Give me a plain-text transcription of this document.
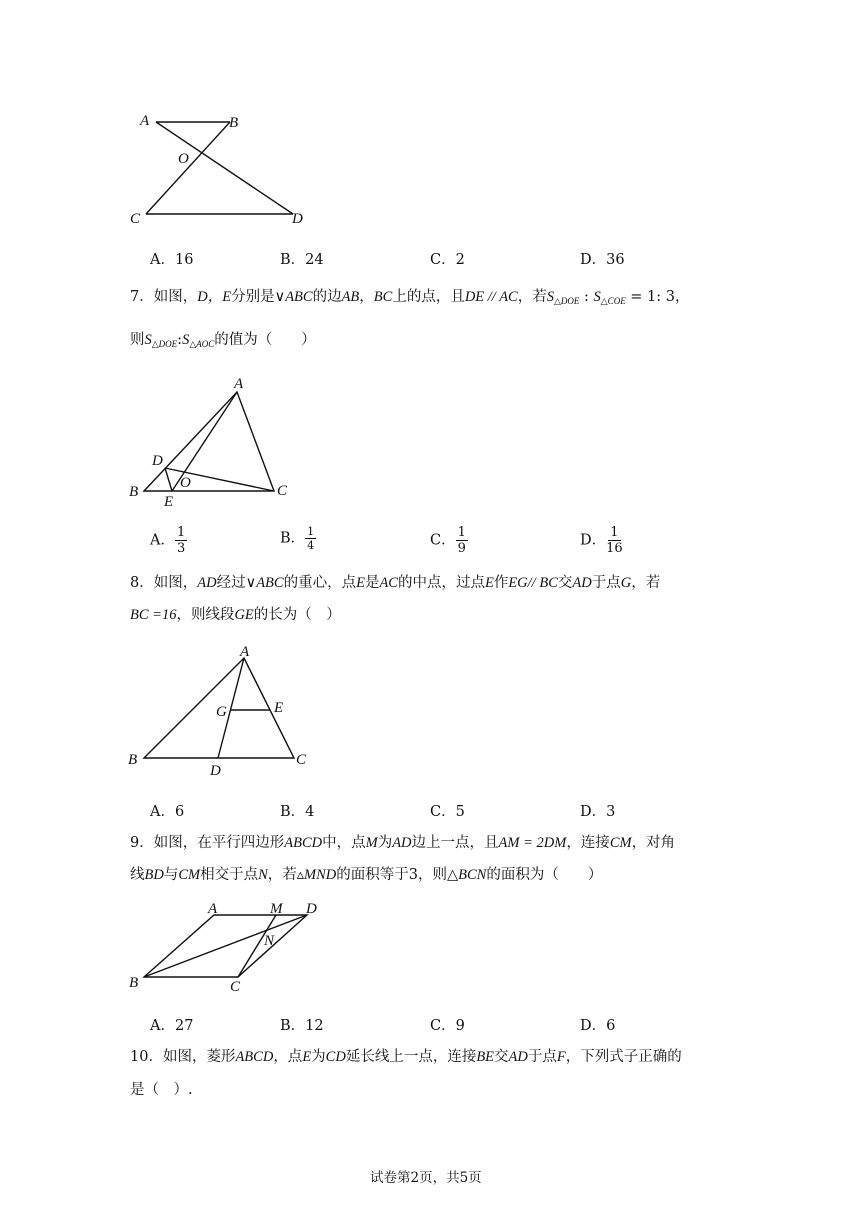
A	B
O
C	D
A．16	B．24	C．2	D．36
7．如图，D，E分别是∨ABC的边AB，BC上的点，且DE // AC，若$S_{\triangle DOE}$ : $S_{\triangle COE} = 1$: 3，
则$S_{\triangle DOE}:S_{\triangle AOC}$的值为（　　）
A
D
O
B
E
C
A． $\frac{1}{3}$	B． $\frac{1}{4}$	C． $\frac{1}{9}$	D． $\frac{1}{16}$
8．如图，AD经过∨ABC的重心，点E是AC的中点，过点E作EG// BC交AD于点G，若
BC =16，则线段GE的长为（　）
A
G	E
B
D
C
A．6	B．4	C．5	D．3
9．如图，在平行四边形ABCD中，点M为AD边上一点，且AM = 2DM，连接CM，对角
线BD与CM相交于点N，若▵MND的面积等于3，则△BCN的面积为（　　）
A	M D
N
B	C
A．27	B．12	C．9	D．6
10．如图，菱形ABCD，点E为CD延长线上一点，连接BE交AD于点F，下列式子正确的
是（　）.
试卷第2页，共5页
